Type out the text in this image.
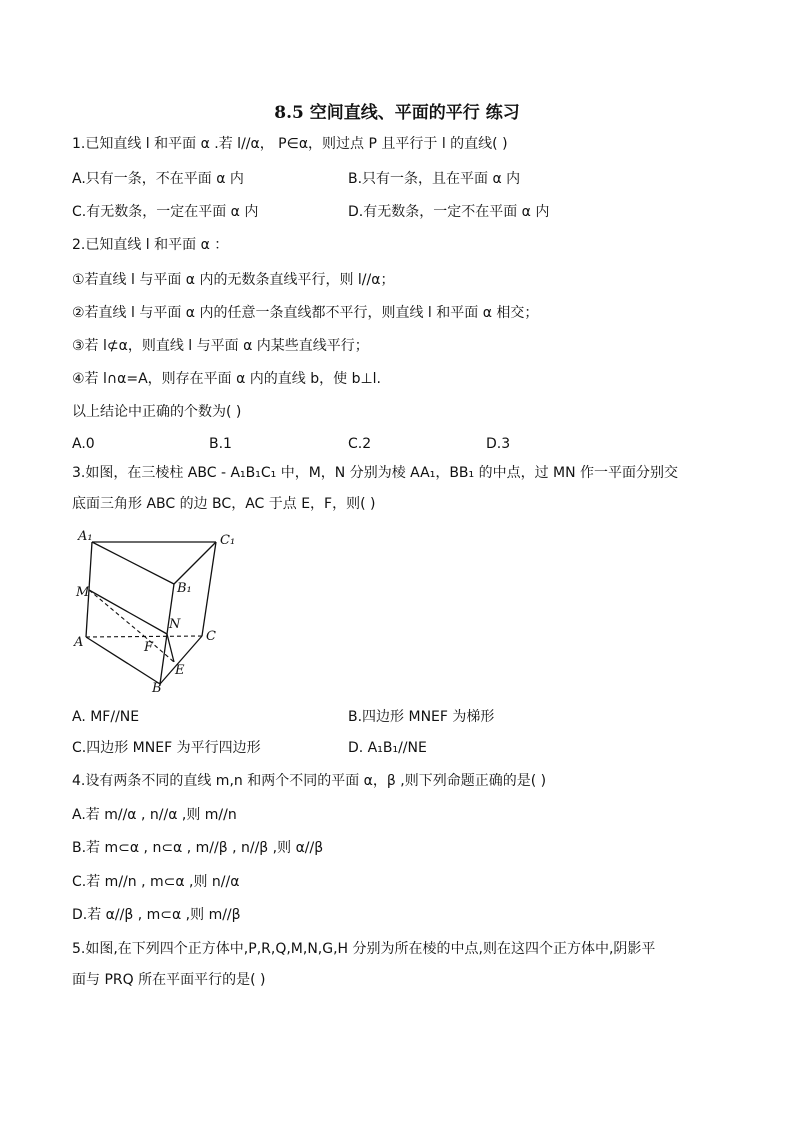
8.5 空间直线、平面的平行 练习
1.已知直线 l 和平面 α .若 l//α， P∈α，则过点 P 且平行于 l 的直线( )
A.只有一条，不在平面 α 内	B.只有一条，且在平面 α 内
C.有无数条，一定在平面 α 内	D.有无数条，一定不在平面 α 内
2.已知直线 l 和平面 α ：
①若直线 l 与平面 α 内的无数条直线平行，则 l//α；
②若直线 l 与平面 α 内的任意一条直线都不平行，则直线 l 和平面 α 相交；
③若 l⊄α，则直线 l 与平面 α 内某些直线平行；
④若 l∩α=A，则存在平面 α 内的直线 b，使 b⊥l.
以上结论中正确的个数为( )
A.0	B.1	C.2	D.3
3.如图，在三棱柱 ABC - A₁B₁C₁ 中，M，N 分别为棱 AA₁，BB₁ 的中点，过 MN 作一平面分别交
底面三角形 ABC 的边 BC，AC 于点 E，F，则( )
A₁	C₁
B₁
M
N
A	C
F
E
B
A. MF//NE	B.四边形 MNEF 为梯形
C.四边形 MNEF 为平行四边形	D. A₁B₁//NE
4.设有两条不同的直线 m,n 和两个不同的平面 α，β ,则下列命题正确的是( )
A.若 m//α , n//α ,则 m//n
B.若 m⊂α , n⊂α , m//β , n//β ,则 α//β
C.若 m//n , m⊂α ,则 n//α
D.若 α//β , m⊂α ,则 m//β
5.如图,在下列四个正方体中,P,R,Q,M,N,G,H 分别为所在棱的中点,则在这四个正方体中,阴影平
面与 PRQ 所在平面平行的是( )
